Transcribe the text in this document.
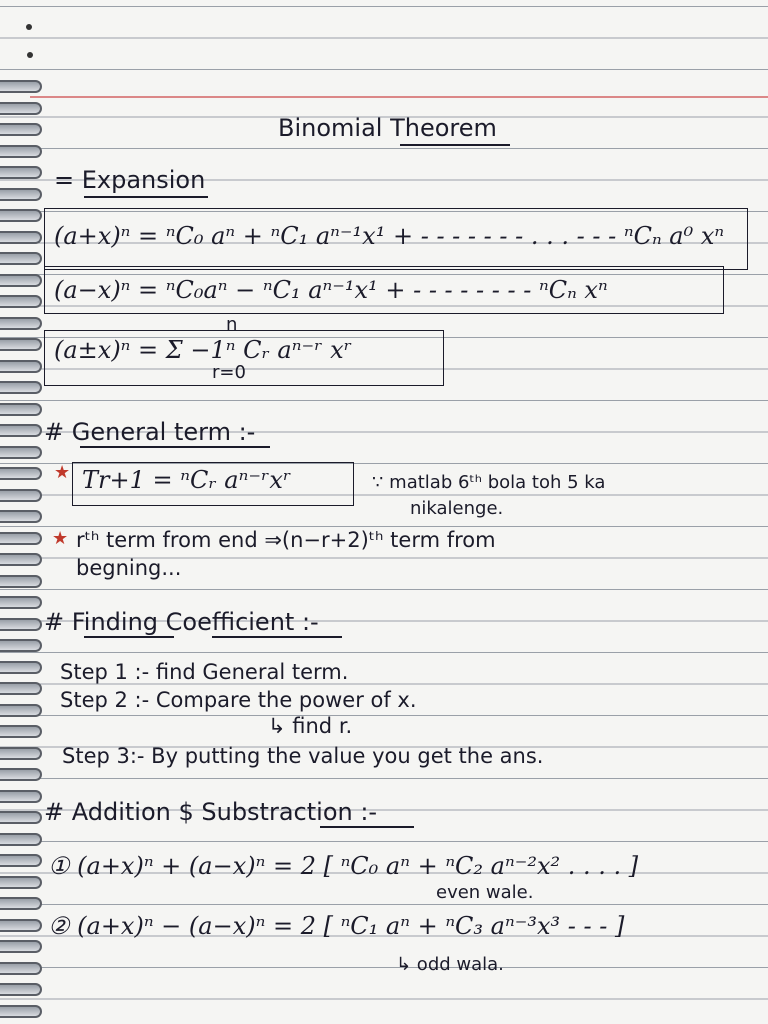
Binomial Theorem
= Expansion
(a+x)ⁿ = ⁿC₀ aⁿ + ⁿC₁ aⁿ⁻¹x¹ + - - - - - - - . . . - - - ⁿCₙ a⁰ xⁿ
(a−x)ⁿ = ⁿC₀aⁿ − ⁿC₁ aⁿ⁻¹x¹ + - - - - - - - - ⁿCₙ xⁿ
(a±x)ⁿ = Σ −1ⁿ Cᵣ aⁿ⁻ʳ xʳ
n
r=0
# General term :-
★ Tr+1 = ⁿCᵣ aⁿ⁻ʳxʳ	∵ matlab 6ᵗʰ bola toh 5 ka
nikalenge.
★ rᵗʰ term from end ⇒(n−r+2)ᵗʰ term from
begning...
# Finding Coefficient :-
Step 1 :- find General term.
Step 2 :- Compare the power of x.
↳ find r.
Step 3:- By putting the value you get the ans.
# Addition $ Substraction :-
① (a+x)ⁿ + (a−x)ⁿ = 2 [ ⁿC₀ aⁿ + ⁿC₂ aⁿ⁻²x² . . . . ]
even wale.
② (a+x)ⁿ − (a−x)ⁿ = 2 [ ⁿC₁ aⁿ + ⁿC₃ aⁿ⁻³x³ - - - ]
↳ odd wala.
